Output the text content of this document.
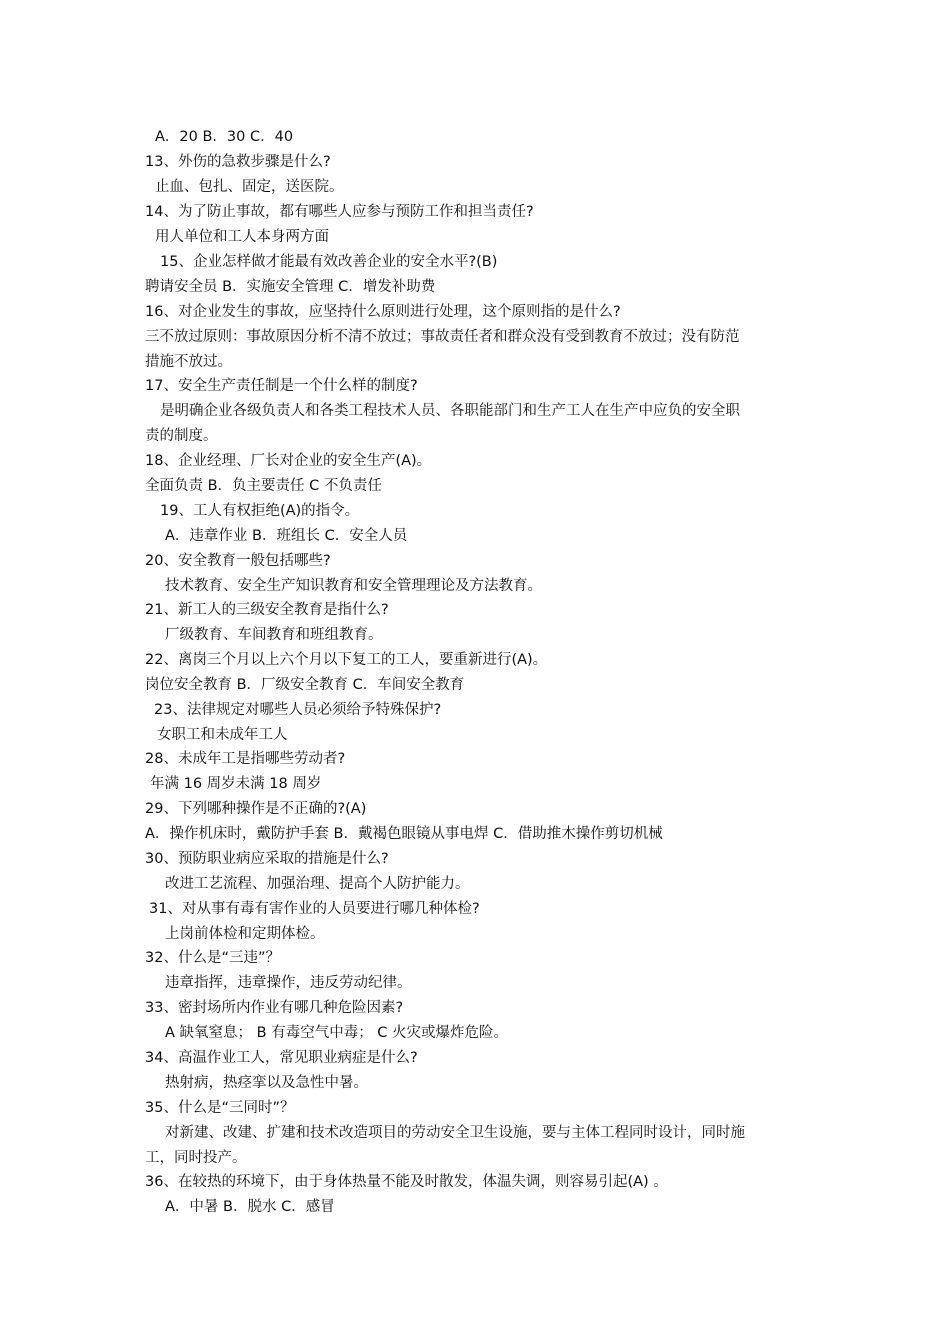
A．20 B．30 C．40
13、外伤的急救步骤是什么?
止血、包扎、固定，送医院。
14、为了防止事故，都有哪些人应参与预防工作和担当责任?
用人单位和工人本身两方面
15、企业怎样做才能最有效改善企业的安全水平?(B)
聘请安全员 B．实施安全管理 C．增发补助费
16、对企业发生的事故，应坚持什么原则进行处理，这个原则指的是什么?
三不放过原则：事故原因分析不清不放过；事故责任者和群众没有受到教育不放过；没有防范
措施不放过。
17、安全生产责任制是一个什么样的制度?
是明确企业各级负责人和各类工程技术人员、各职能部门和生产工人在生产中应负的安全职
责的制度。
18、企业经理、厂长对企业的安全生产(A)。
全面负责 B．负主要责任 C 不负责任
19、工人有权拒绝(A)的指令。
A．违章作业 B．班组长 C．安全人员
20、安全教育一般包括哪些?
技术教育、安全生产知识教育和安全管理理论及方法教育。
21、新工人的三级安全教育是指什么?
厂级教育、车间教育和班组教育。
22、离岗三个月以上六个月以下复工的工人，要重新进行(A)。
岗位安全教育 B．厂级安全教育 C．车间安全教育
23、法律规定对哪些人员必须给予特殊保护?
女职工和未成年工人
28、未成年工是指哪些劳动者?
年满 16 周岁未满 18 周岁
29、下列哪种操作是不正确的?(A)
A．操作机床时，戴防护手套 B．戴褐色眼镜从事电焊 C．借助推木操作剪切机械
30、预防职业病应采取的措施是什么?
改进工艺流程、加强治理、提高个人防护能力。
31、对从事有毒有害作业的人员要进行哪几种体检?
上岗前体检和定期体检。
32、什么是“三违”？
违章指挥，违章操作，违反劳动纪律。
33、密封场所内作业有哪几种危险因素?
A 缺氧窒息； B 有毒空气中毒； C 火灾或爆炸危险。
34、高温作业工人，常见职业病症是什么?
热射病，热痉挛以及急性中暑。
35、什么是“三同时”？
对新建、改建、扩建和技术改造项目的劳动安全卫生设施，要与主体工程同时设计，同时施
工，同时投产。
36、在较热的环境下，由于身体热量不能及时散发，体温失调，则容易引起(A) 。
A．中暑 B．脱水 C．感冒
